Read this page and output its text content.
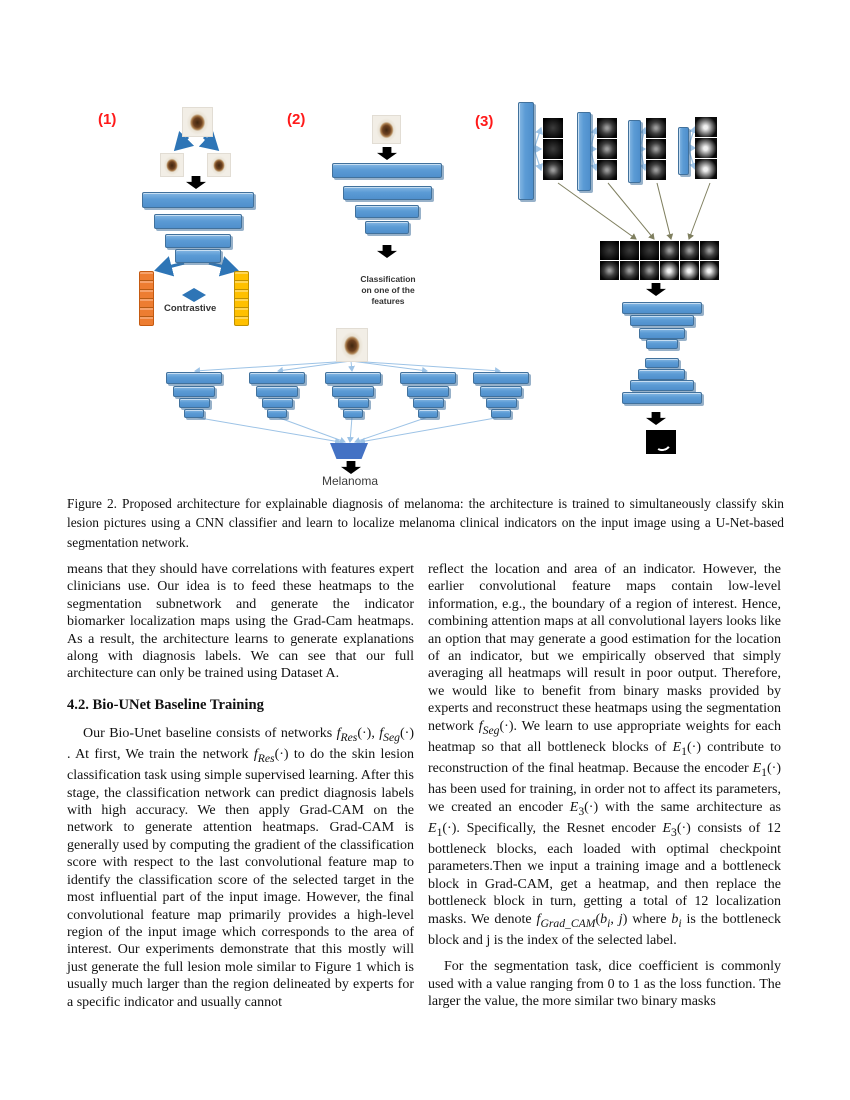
(1)	(2)	(3)
Contrastive
Classification
on one of the
features
Melanoma
Figure 2. Proposed architecture for explainable diagnosis of melanoma: the architecture is trained to simultaneously classify skin lesion pictures using a CNN classifier and learn to localize melanoma clinical indicators on the input image using a U-Net-based segmentation network.

means that they should have correlations with features expert clinicians use. Our idea is to feed these heatmaps to the segmentation subnetwork and generate the indicator biomarker localization maps using the Grad-Cam heatmaps. As a result, the architecture learns to generate explanations along with diagnosis labels. We can see that our full architecture can only be trained using Dataset A.

4.2. Bio-UNet Baseline Training

Our Bio-Unet baseline consists of networks $f_{Res}(\cdot)$, $f_{Seg}(\cdot)$ . At first, We train the network $f_{Res}(\cdot)$ to do the skin lesion classification task using simple supervised learning. After this stage, the classification network can predict diagnosis labels with high accuracy. We then apply Grad-CAM on the network to generate attention heatmaps. Grad-CAM is generally used by computing the gradient of the classification score with respect to the last convolutional feature map to identify the classification score of the selected target in the most influential part of the input image. However, the final convolutional feature map primarily provides a high-level region of the input image which corresponds to the area of interest. Our experiments demonstrate that this mostly will just generate the full lesion mole similar to Figure 1 which is usually much larger than the region delineated by experts for a specific indicator and usually cannot

reflect the location and area of an indicator. However, the earlier convolutional feature maps contain low-level information, e.g., the boundary of a region of interest. Hence, combining attention maps at all convolutional layers looks like an option that may generate a good estimation for the location of an indicator, but we empirically observed that simply averaging all heatmaps will result in poor output. Therefore, we would like to benefit from binary masks provided by experts and reconstruct these heatmaps using the segmentation network $f_{Seg}(\cdot)$. We learn to use appropriate weights for each heatmap so that all bottleneck blocks of $E_1(\cdot)$ contribute to reconstruction of the final heatmap. Because the encoder $E_1(\cdot)$ has been used for training, in order not to affect its parameters, we created an encoder $E_3(\cdot)$ with the same architecture as $E_1(\cdot)$. Specifically, the Resnet encoder $E_3(\cdot)$ consists of 12 bottleneck blocks, each loaded with optimal checkpoint parameters.Then we input a training image and a bottleneck block in Grad-CAM, get a heatmap, and then replace the bottleneck block in turn, getting a total of 12 localization masks. We denote $f_{Grad\_CAM}(b_i$, j) where $b_i$ is the bottleneck block and j is the index of the selected label.

For the segmentation task, dice coefficient is commonly used with a value ranging from 0 to 1 as the loss function. The larger the value, the more similar two binary masks
